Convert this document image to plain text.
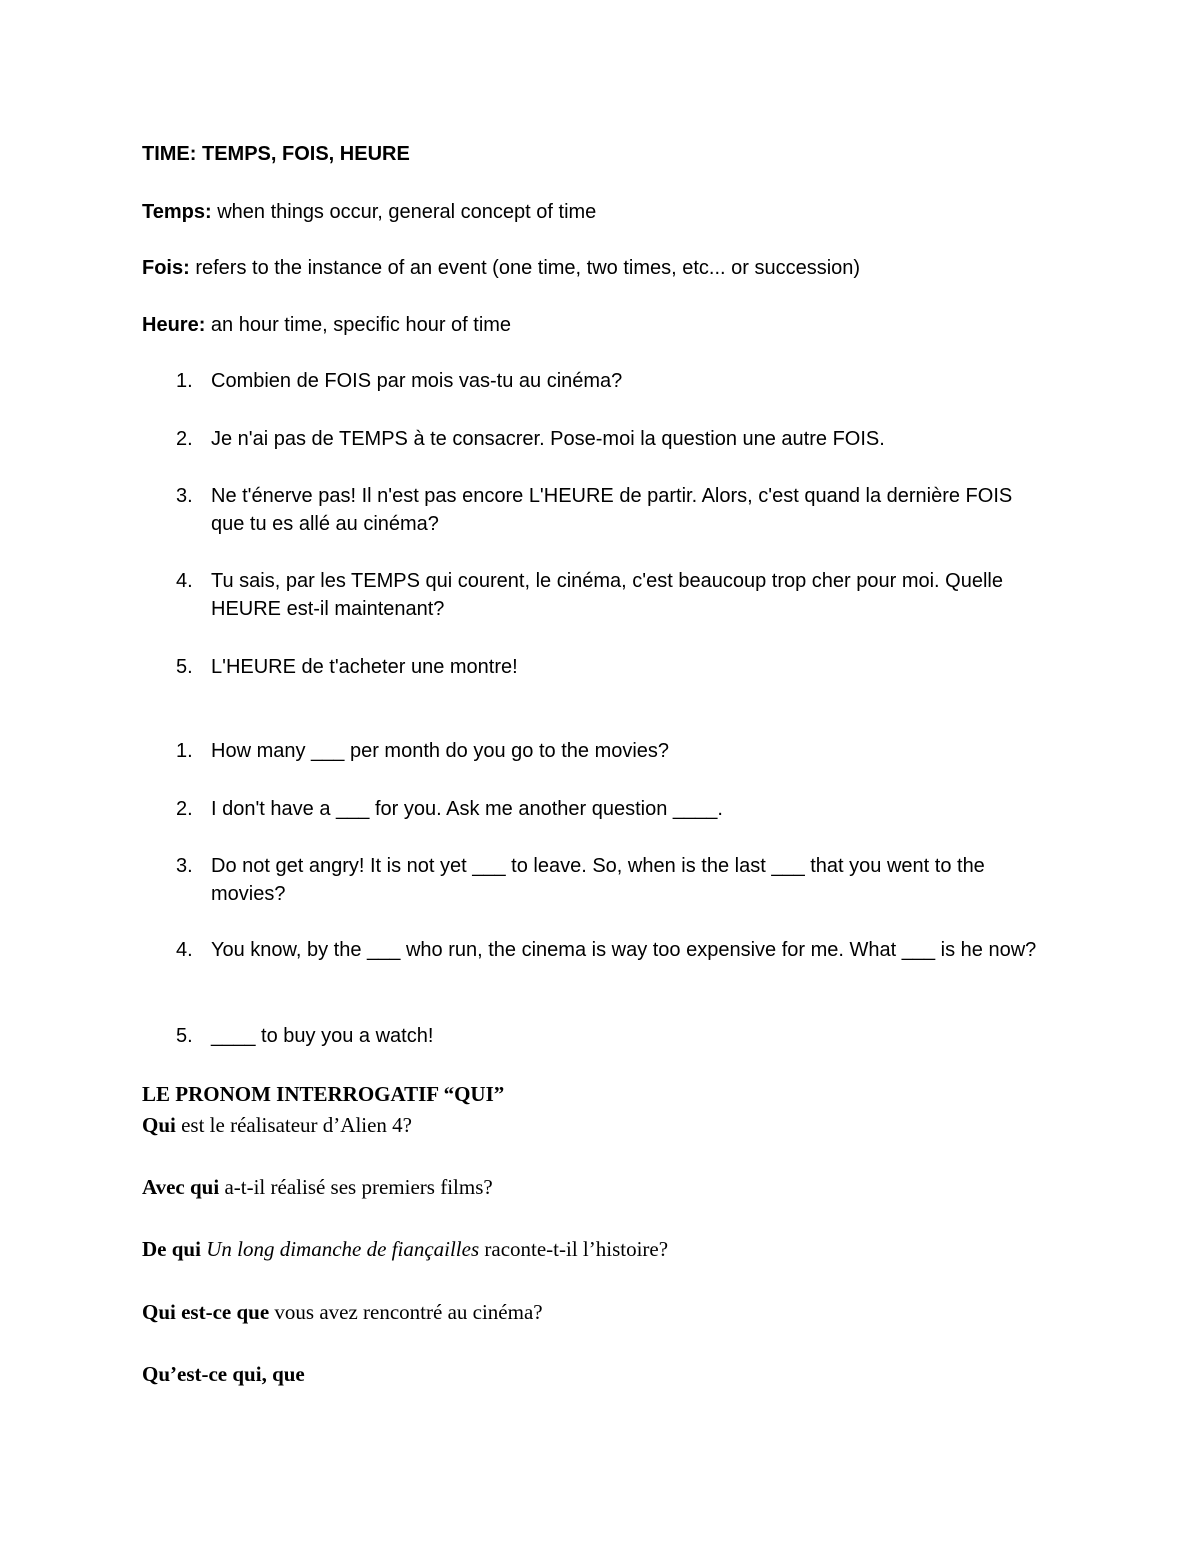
TIME: TEMPS, FOIS, HEURE
Temps: when things occur, general concept of time
Fois: refers to the instance of an event (one time, two times, etc... or succession)
Heure: an hour time, specific hour of time
1. Combien de FOIS par mois vas-tu au cinéma?
2. Je n'ai pas de TEMPS à te consacrer. Pose-moi la question une autre FOIS.
3. Ne t'énerve pas! Il n'est pas encore L'HEURE de partir. Alors, c'est quand la dernière FOIS que tu es allé au cinéma?
4. Tu sais, par les TEMPS qui courent, le cinéma, c'est beaucoup trop cher pour moi. Quelle HEURE est-il maintenant?
5. L'HEURE de t'acheter une montre!
1. How many ___ per month do you go to the movies?
2. I don't have a ___ for you. Ask me another question ____.
3. Do not get angry! It is not yet ___ to leave. So, when is the last ___ that you went to the movies?
4. You know, by the ___ who run, the cinema is way too expensive for me. What ___ is he now?
5. ____ to buy you a watch!
LE PRONOM INTERROGATIF “QUI”
Qui est le réalisateur d’Alien 4?
Avec qui a-t-il réalisé ses premiers films?
De qui Un long dimanche de fiançailles raconte-t-il l’histoire?
Qui est-ce que vous avez rencontré au cinéma?
Qu’est-ce qui, que
